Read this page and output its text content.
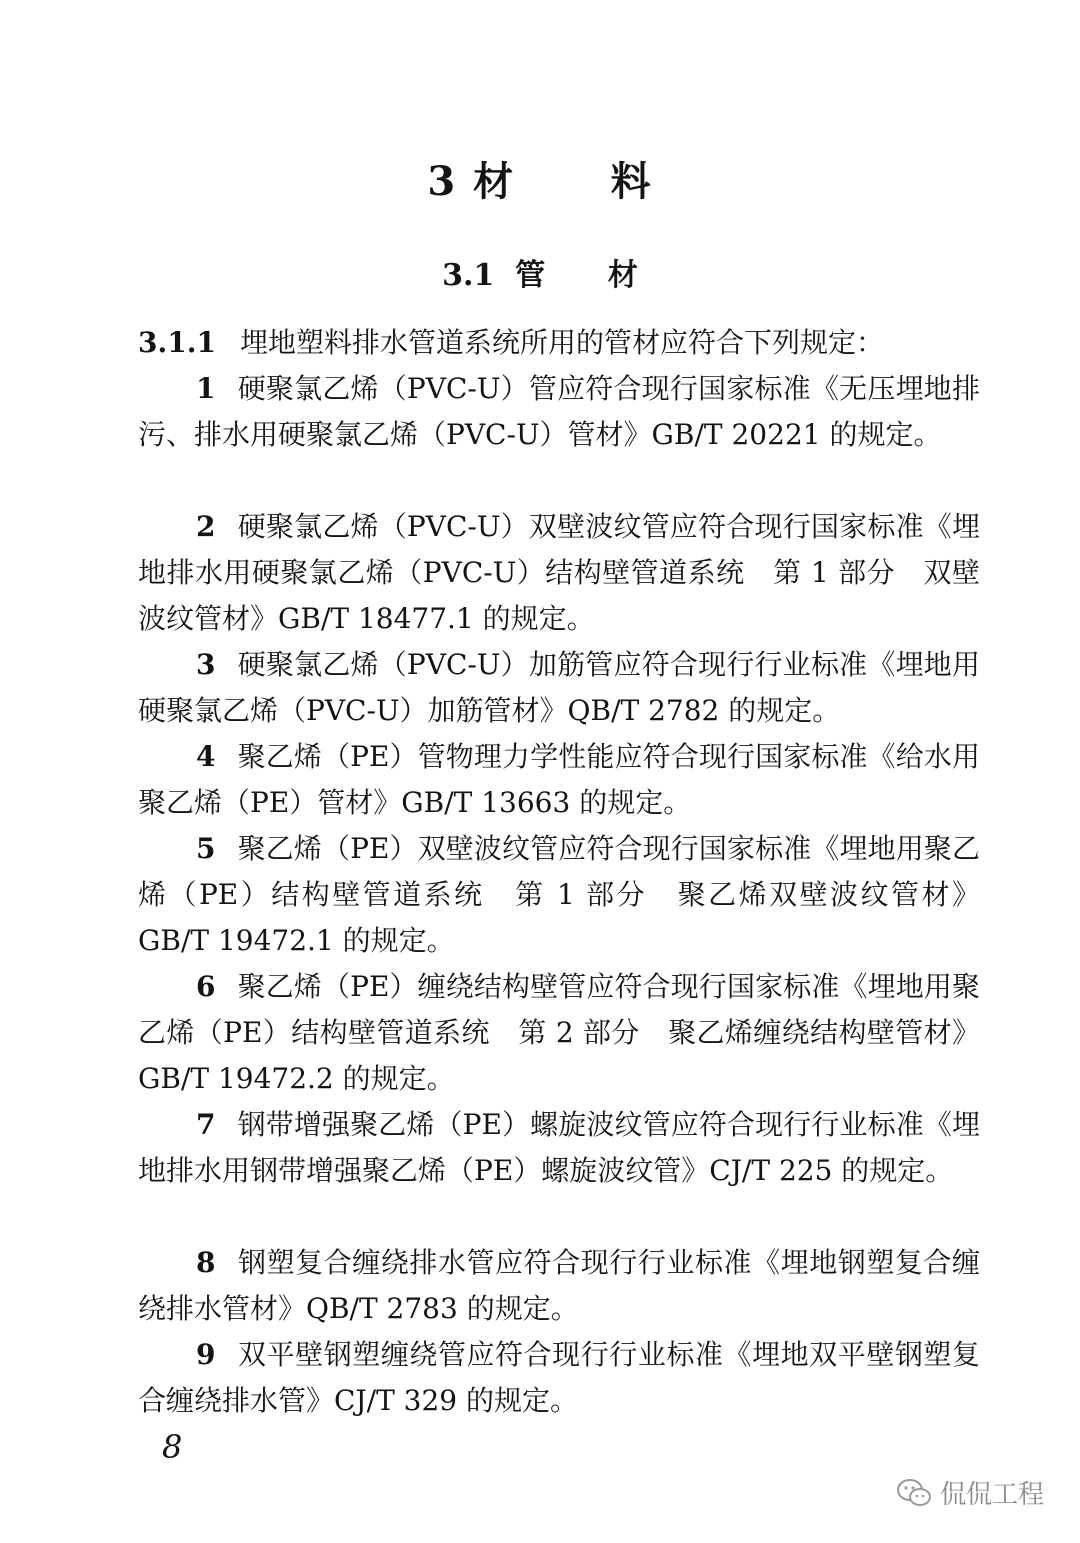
3 材      料
3.1  管      材
3.1.1 埋地塑料排水管道系统所用的管材应符合下列规定：
1 硬聚氯乙烯（PVC-U）管应符合现行国家标准《无压埋地排污、排水用硬聚氯乙烯（PVC-U）管材》GB/T 20221 的规定。
2 硬聚氯乙烯（PVC-U）双壁波纹管应符合现行国家标准《埋地排水用硬聚氯乙烯（PVC-U）结构壁管道系统　第 1 部分　双壁波纹管材》GB/T 18477.1 的规定。
3 硬聚氯乙烯（PVC-U）加筋管应符合现行行业标准《埋地用硬聚氯乙烯（PVC-U）加筋管材》QB/T 2782 的规定。
4 聚乙烯（PE）管物理力学性能应符合现行国家标准《给水用聚乙烯（PE）管材》GB/T 13663 的规定。
5 聚乙烯（PE）双壁波纹管应符合现行国家标准《埋地用聚乙烯（PE）结构壁管道系统　第 1 部分　聚乙烯双壁波纹管材》GB/T 19472.1 的规定。
6 聚乙烯（PE）缠绕结构壁管应符合现行国家标准《埋地用聚乙烯（PE）结构壁管道系统　第 2 部分　聚乙烯缠绕结构壁管材》GB/T 19472.2 的规定。
7 钢带增强聚乙烯（PE）螺旋波纹管应符合现行行业标准《埋地排水用钢带增强聚乙烯（PE）螺旋波纹管》CJ/T 225 的规定。
8 钢塑复合缠绕排水管应符合现行行业标准《埋地钢塑复合缠绕排水管材》QB/T 2783 的规定。
9 双平壁钢塑缠绕管应符合现行行业标准《埋地双平壁钢塑复合缠绕排水管》CJ/T 329 的规定。
8
侃侃工程
